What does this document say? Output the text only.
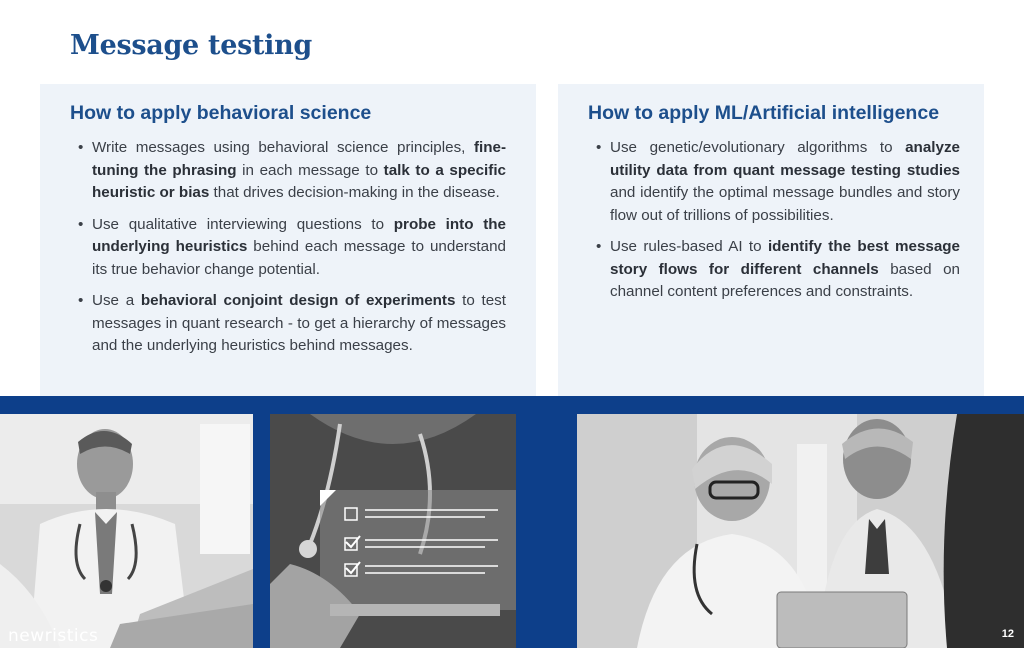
Message testing
How to apply behavioral science
• Write messages using behavioral science principles, fine-tuning the phrasing in each message to talk to a specific heuristic or bias that drives decision-making in the disease.
• Use qualitative interviewing questions to probe into the underlying heuristics behind each message to understand its true behavior change potential.
• Use a behavioral conjoint design of experiments to test messages in quant research - to get a hierarchy of messages and the underlying heuristics behind messages.
How to apply ML/Artificial intelligence
• Use genetic/evolutionary algorithms to analyze utility data from quant message testing studies and identify the optimal message bundles and story flow out of trillions of possibilities.
• Use rules-based AI to identify the best message story flows for different channels based on channel content preferences and constraints.
newristics	12
